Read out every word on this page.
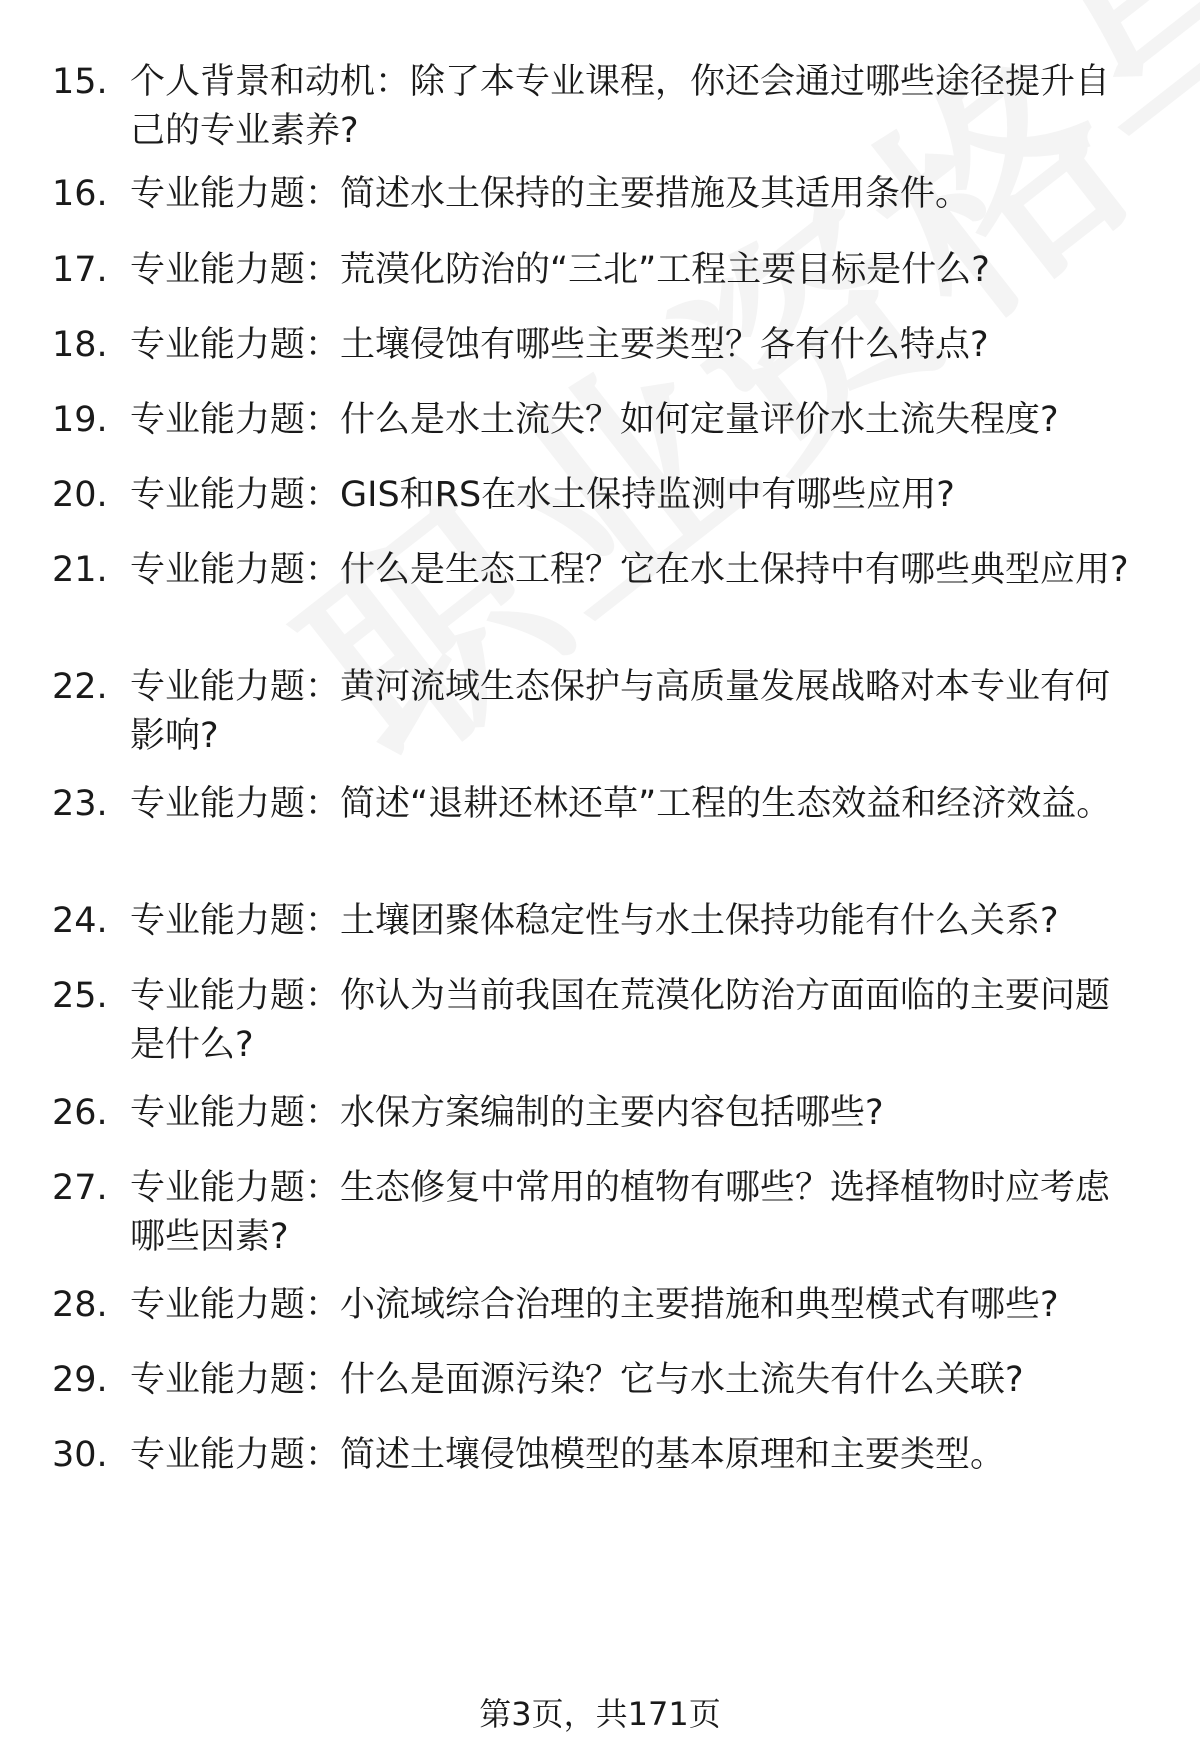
15. 个人背景和动机：除了本专业课程，你还会通过哪些途径提升自己的专业素养?
16. 专业能力题：简述水土保持的主要措施及其适用条件。
17. 专业能力题：荒漠化防治的“三北”工程主要目标是什么?
18. 专业能力题：土壤侵蚀有哪些主要类型？各有什么特点?
19. 专业能力题：什么是水土流失？如何定量评价水土流失程度?
20. 专业能力题：GIS和RS在水土保持监测中有哪些应用?
21. 专业能力题：什么是生态工程？它在水土保持中有哪些典型应用?
22. 专业能力题：黄河流域生态保护与高质量发展战略对本专业有何影响?
23. 专业能力题：简述“退耕还林还草”工程的生态效益和经济效益。
24. 专业能力题：土壤团聚体稳定性与水土保持功能有什么关系?
25. 专业能力题：你认为当前我国在荒漠化防治方面面临的主要问题是什么?
26. 专业能力题：水保方案编制的主要内容包括哪些?
27. 专业能力题：生态修复中常用的植物有哪些？选择植物时应考虑哪些因素?
28. 专业能力题：小流域综合治理的主要措施和典型模式有哪些?
29. 专业能力题：什么是面源污染？它与水土流失有什么关联?
30. 专业能力题：简述土壤侵蚀模型的基本原理和主要类型。
第3页，共171页
